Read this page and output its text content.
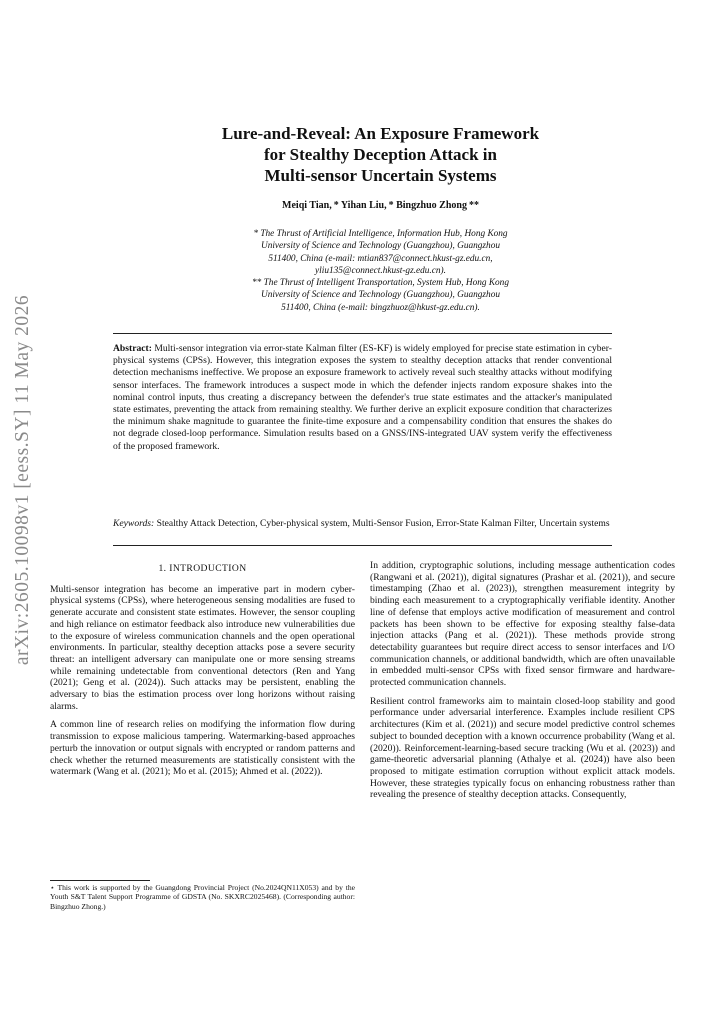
arXiv:2605.10098v1 [eess.SY] 11 May 2026
Lure-and-Reveal: An Exposure Framework
for Stealthy Deception Attack in
Multi-sensor Uncertain Systems
Meiqi Tian, * Yihan Liu, * Bingzhuo Zhong **
* The Thrust of Artificial Intelligence, Information Hub, Hong Kong
University of Science and Technology (Guangzhou), Guangzhou
511400, China (e-mail: mtian837@connect.hkust-gz.edu.cn,
yliu135@connect.hkust-gz.edu.cn).
** The Thrust of Intelligent Transportation, System Hub, Hong Kong
University of Science and Technology (Guangzhou), Guangzhou
511400, China (e-mail: bingzhuoz@hkust-gz.edu.cn).
Abstract: Multi-sensor integration via error-state Kalman filter (ES-KF) is widely employed for precise state estimation in cyber-physical systems (CPSs). However, this integration exposes the system to stealthy deception attacks that render conventional detection mechanisms ineffective. We propose an exposure framework to actively reveal such stealthy attacks without modifying sensor interfaces. The framework introduces a suspect mode in which the defender injects random exposure shakes into the nominal control inputs, thus creating a discrepancy between the defender's true state estimates and the attacker's manipulated state estimates, preventing the attack from remaining stealthy. We further derive an explicit exposure condition that characterizes the minimum shake magnitude to guarantee the finite-time exposure and a compensability condition that ensures the shakes do not degrade closed-loop performance. Simulation results based on a GNSS/INS-integrated UAV system verify the effectiveness of the proposed framework.
Keywords: Stealthy Attack Detection, Cyber-physical system, Multi-Sensor Fusion, Error-State Kalman Filter, Uncertain systems
1. INTRODUCTION

Multi-sensor integration has become an imperative part in modern cyber-physical systems (CPSs), where heterogeneous sensing modalities are fused to generate accurate and consistent state estimates. However, the sensor coupling and high reliance on estimator feedback also introduce new vulnerabilities due to the exposure of wireless communication channels and the open operational environments. In particular, stealthy deception attacks pose a severe security threat: an intelligent adversary can manipulate one or more sensing streams while remaining undetectable from conventional detectors (Ren and Yang (2021); Geng et al. (2024)). Such attacks may be persistent, enabling the adversary to bias the estimation process over long horizons without raising alarms.

A common line of research relies on modifying the information flow during transmission to expose malicious tampering. Watermarking-based approaches perturb the innovation or output signals with encrypted or random patterns and check whether the returned measurements are statistically consistent with the watermark (Wang et al. (2021); Mo et al. (2015); Ahmed et al. (2022)).

⋆ This work is supported by the Guangdong Provincial Project (No.2024QN11X053) and by the Youth S&T Talent Support Programme of GDSTA (No. SKXRC2025468). (Corresponding author: Bingzhuo Zhong.)

In addition, cryptographic solutions, including message authentication codes (Rangwani et al. (2021)), digital signatures (Prashar et al. (2021)), and secure timestamping (Zhao et al. (2023)), strengthen measurement integrity by binding each measurement to a cryptographically verifiable identity. Another line of defense that employs active modification of measurement and control packets has been shown to be effective for exposing stealthy false-data injection attacks (Pang et al. (2021)). These methods provide strong detectability guarantees but require direct access to sensor interfaces and I/O communication channels, or additional bandwidth, which are often unavailable in embedded multi-sensor CPSs with fixed sensor firmware and hardware-protected communication channels.

Resilient control frameworks aim to maintain closed-loop stability and good performance under adversarial interference. Examples include resilient CPS architectures (Kim et al. (2021)) and secure model predictive control schemes subject to bounded deception with a known occurrence probability (Wang et al. (2020)). Reinforcement-learning-based secure tracking (Wu et al. (2023)) and game-theoretic adversarial planning (Athalye et al. (2024)) have also been proposed to mitigate estimation corruption without explicit attack models. However, these strategies typically focus on enhancing robustness rather than revealing the presence of stealthy deception attacks. Consequently,
